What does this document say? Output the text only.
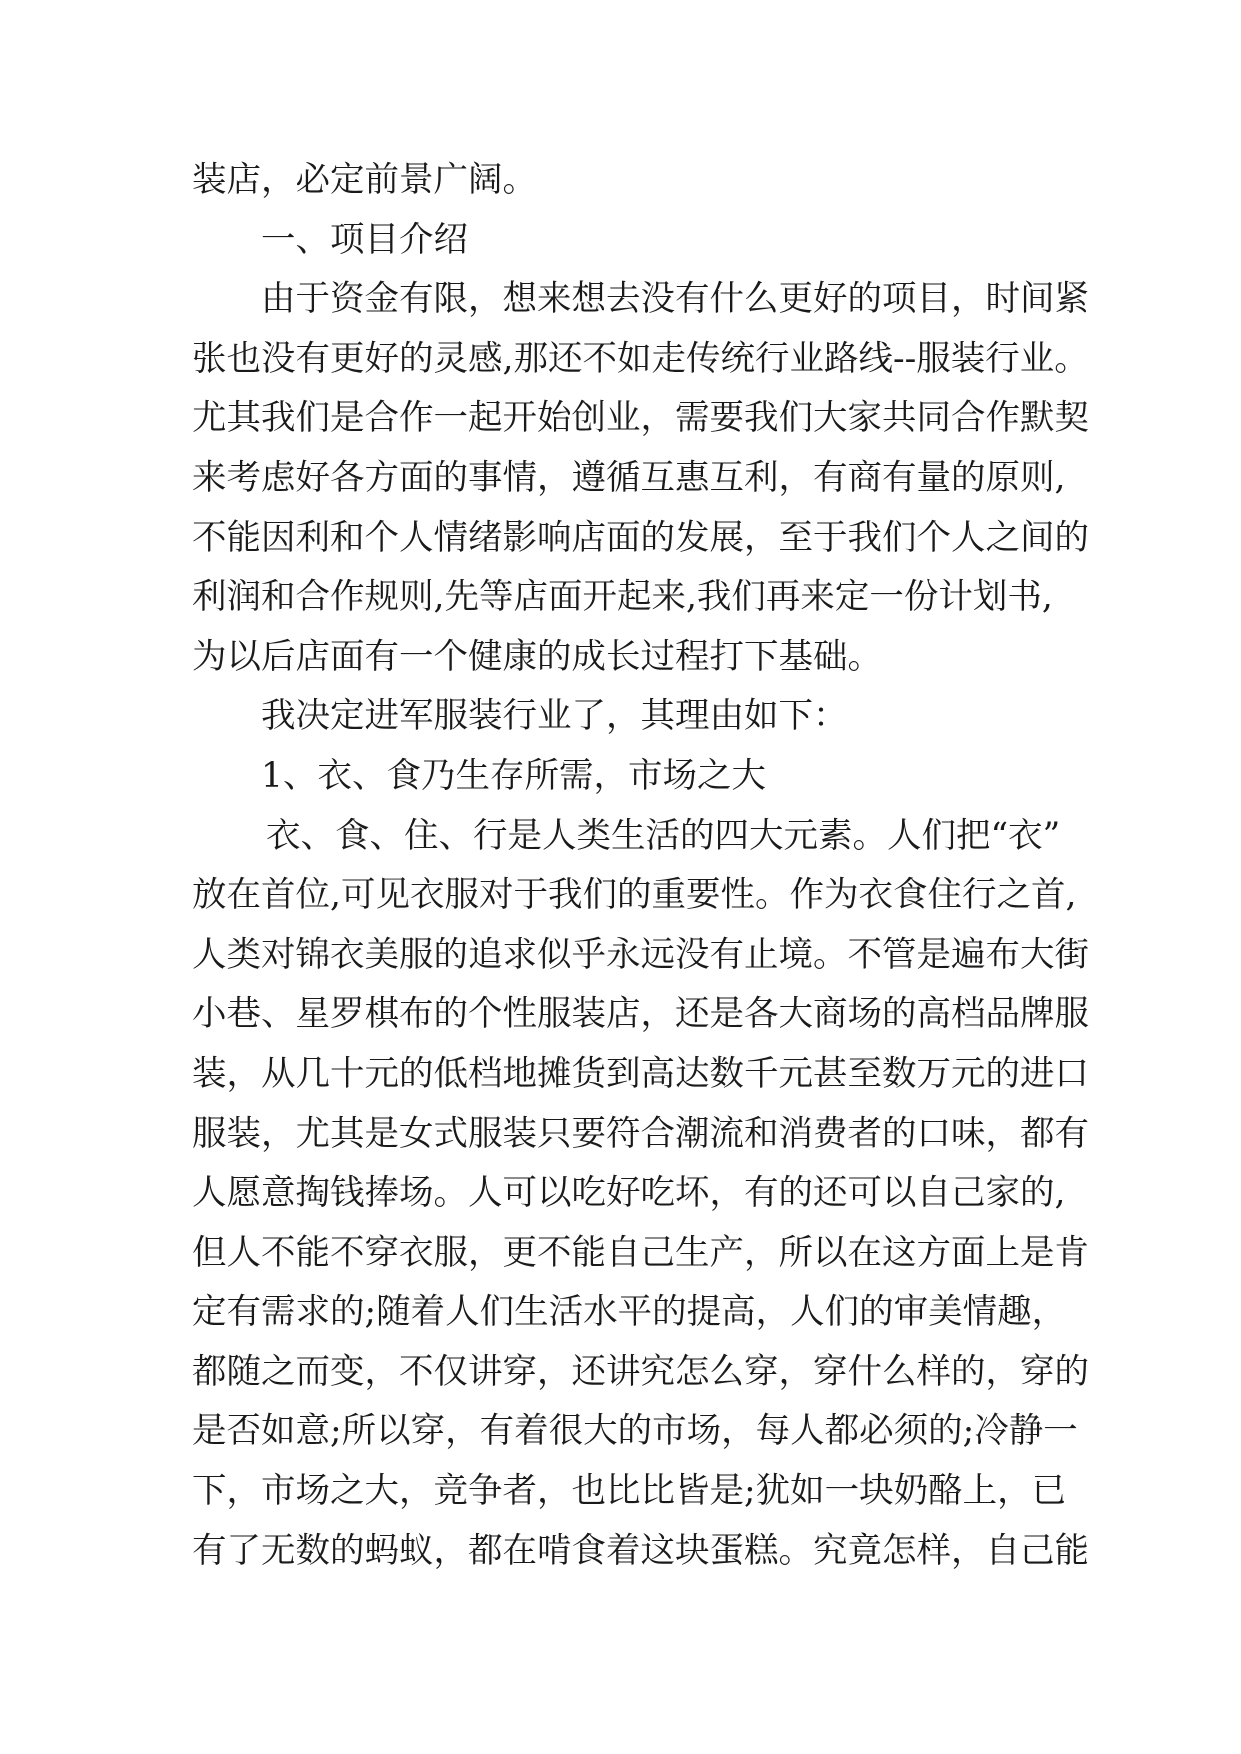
装店，必定前景广阔。
一、项目介绍
由于资金有限，想来想去没有什么更好的项目，时间紧
张也没有更好的灵感,那还不如走传统行业路线--服装行业。
尤其我们是合作一起开始创业，需要我们大家共同合作默契
来考虑好各方面的事情，遵循互惠互利，有商有量的原则,
不能因利和个人情绪影响店面的发展，至于我们个人之间的
利润和合作规则,先等店面开起来,我们再来定一份计划书,
为以后店面有一个健康的成长过程打下基础。
我决定进军服装行业了，其理由如下：
1、衣、食乃生存所需，市场之大
衣、食、住、行是人类生活的四大元素。人们把“衣”
放在首位,可见衣服对于我们的重要性。作为衣食住行之首,
人类对锦衣美服的追求似乎永远没有止境。不管是遍布大街
小巷、星罗棋布的个性服装店，还是各大商场的高档品牌服
装，从几十元的低档地摊货到高达数千元甚至数万元的进口
服装，尤其是女式服装只要符合潮流和消费者的口味，都有
人愿意掏钱捧场。人可以吃好吃坏，有的还可以自己家的,
但人不能不穿衣服，更不能自己生产，所以在这方面上是肯
定有需求的;随着人们生活水平的提高，人们的审美情趣，
都随之而变，不仅讲穿，还讲究怎么穿，穿什么样的，穿的
是否如意;所以穿，有着很大的市场，每人都必须的;冷静一
下，市场之大，竞争者，也比比皆是;犹如一块奶酪上，已
有了无数的蚂蚁，都在啃食着这块蛋糕。究竟怎样，自己能
